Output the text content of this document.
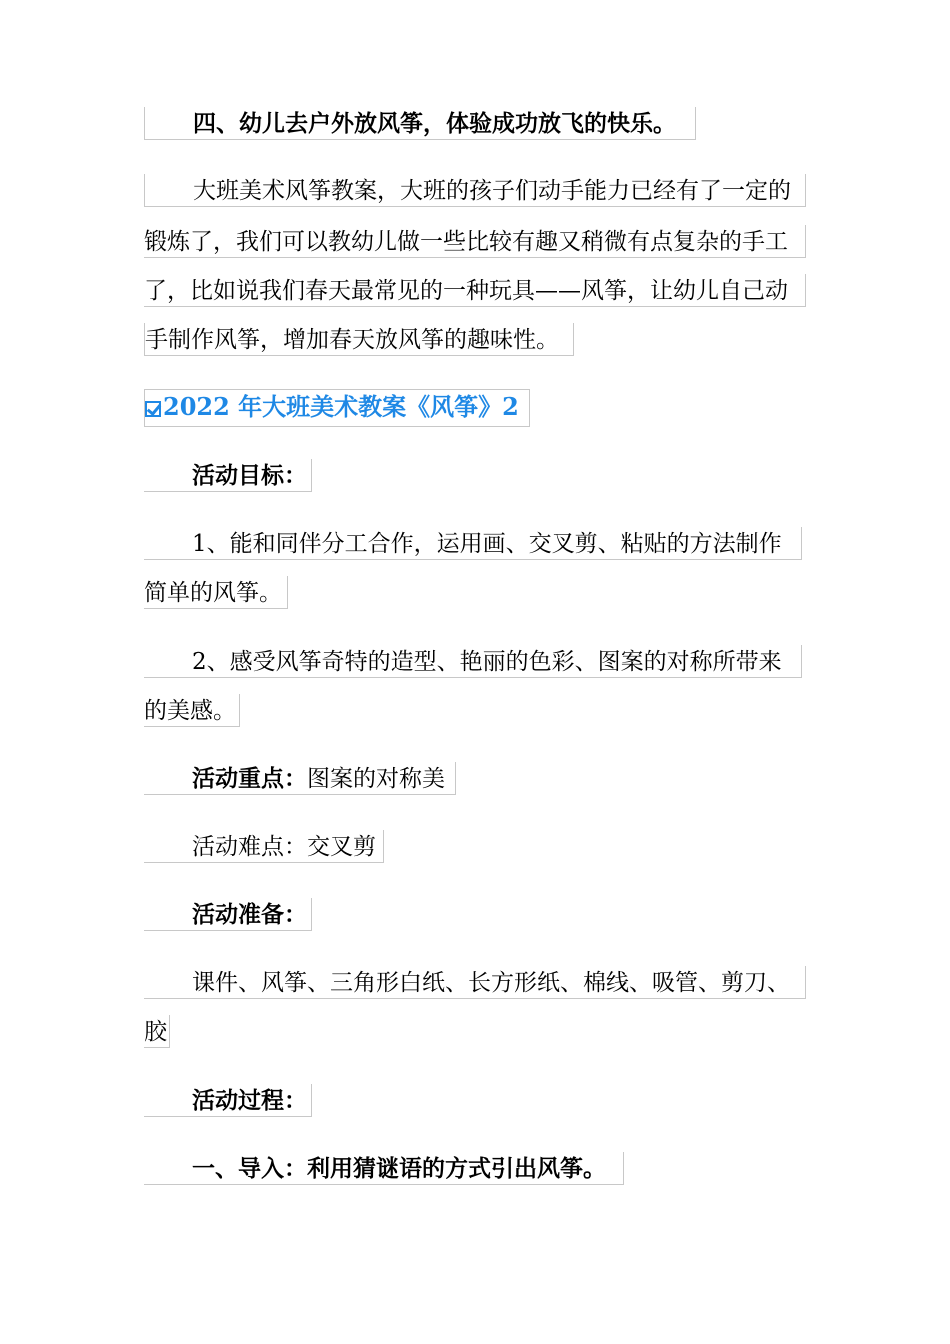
四、幼儿去户外放风筝，体验成功放飞的快乐。
大班美术风筝教案，大班的孩子们动手能力已经有了一定的
锻炼了，我们可以教幼儿做一些比较有趣又稍微有点复杂的手工
了，比如说我们春天最常见的一种玩具——风筝，让幼儿自己动
手制作风筝，增加春天放风筝的趣味性。
2022 年大班美术教案《风筝》2
活动目标：
1、能和同伴分工合作，运用画、交叉剪、粘贴的方法制作
简单的风筝。
2、感受风筝奇特的造型、艳丽的色彩、图案的对称所带来
的美感。
活动重点：图案的对称美
活动难点：交叉剪
活动准备：
课件、风筝、三角形白纸、长方形纸、棉线、吸管、剪刀、
胶
活动过程：
一、导入：利用猜谜语的方式引出风筝。
